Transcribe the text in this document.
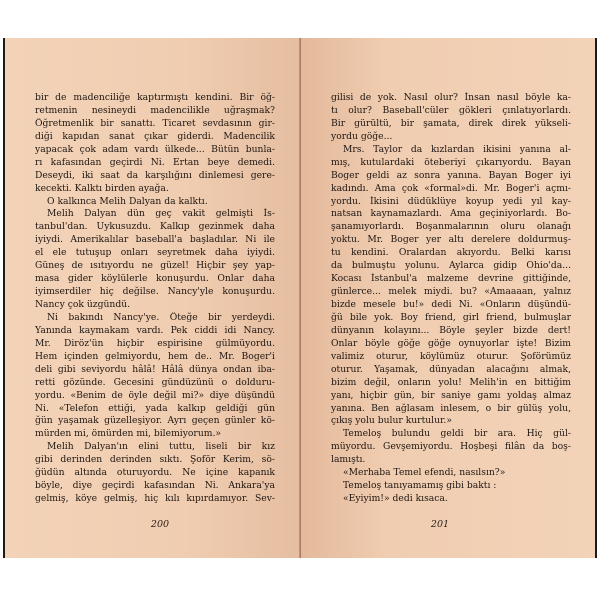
bir de madenciliğe kaptırmıştı kendini. Bir öğ-
retmenin nesineydi madencilikle uğraşmak?
Öğretmenlik bir sanattı. Ticaret sevdasının gir-
diği kapıdan sanat çıkar giderdi. Madencilik
yapacak çok adam vardı ülkede... Bütün bunla-
rı kafasından geçirdi Ni. Ertan beye demedi.
Deseydi, iki saat da karşılığını dinlemesi gere-
kecekti. Kalktı birden ayağa.
O kalkınca Melih Dalyan da kalktı.
Melih Dalyan dün geç vakit gelmişti İs-
tanbul'dan. Uykusuzdu. Kalkıp gezinmek daha
iyiydi. Amerikalılar baseball'a başladılar. Ni ile
el ele tutuşup onları seyretmek daha iyiydi.
Güneş de ısıtıyordu ne güzel! Hiçbir şey yap-
masa gider köylülerle konuşurdu. Onlar daha
iyimserdiler hiç değilse. Nancy'yle konuşurdu.
Nancy çok üzgündü.
Ni bakındı Nancy'ye. Öteğe bir yerdeydi.
Yanında kaymakam vardı. Pek ciddi idi Nancy.
Mr. Diröz'ün hiçbir espirisine gülmüyordu.
Hem içinden gelmiyordu, hem de.. Mr. Boger'i
deli gibi seviyordu hâlâ! Hâlâ dünya ondan iba-
retti gözünde. Gecesini gündüzünü o dolduru-
yordu. «Benim de öyle değil mi?» diye düşündü
Ni. «Telefon ettiği, yada kalkıp geldiği gün
ğün yaşamak güzelleşiyor. Ayrı geçen günler kö-
mürden mi, ömürden mi, bilemiyorum.»
Melih Dalyan'ın elini tuttu, liseli bir kız
gibi derinden derinden sıktı. Şoför Kerim, sö-
ğüdün altında oturuyordu. Ne içine kapanık
böyle, diye geçirdi kafasından Ni. Ankara'ya
gelmiş, köye gelmiş, hiç kılı kıpırdamıyor. Sev-
200
gilisi de yok. Nasıl olur? İnsan nasıl böyle ka-
tı olur? Baseball'cüler gökleri çınlatıyorlardı.
Bir gürültü, bir şamata, direk direk yükseli-
yordu göğe...
Mrs. Taylor da kızlardan ikisini yanına al-
mış, kutulardaki öteberiyi çıkarıyordu. Bayan
Boger geldi az sonra yanına. Bayan Boger iyi
kadındı. Ama çok «formal»di. Mr. Boger'i açmı-
yordu. İkisini düdüklüye koyup yedi yıl kay-
natsan kaynamazlardı. Ama geçiniyorlardı. Bo-
şanamıyorlardı. Boşanmalarının oluru olanağı
yoktu. Mr. Boger yer altı derelere doldurmuş-
tu kendini. Oralardan akıyordu. Belki karısı
da bulmuştu yolunu. Aylarca gidip Ohio'da...
Kocası İstanbul'a malzeme devrine gittiğinde,
günlerce... melek miydi. bu? «Amaaaan, yalnız
bizde mesele bu!» dedi Ni. «Onların düşündü-
ğü bile yok. Boy friend, girl friend, bulmuşlar
dünyanın kolayını... Böyle şeyler bizde dert!
Onlar böyle göğe göğe oynuyorlar işte! Bizim
valimiz oturur, köylümüz oturur. Şoförümüz
oturur. Yaşamak, dünyadan alacağını almak,
bizim değil, onların yolu! Melih'in en bittiğim
yanı, hiçbir gün, bir saniye gamı yoldaş almaz
yanına. Ben ağlasam inlesem, o bir gülüş yolu,
çıkış yolu bulur kurtulur.»
Temeloş bulundu geldi bir ara. Hiç gül-
müyordu. Gevşemiyordu. Hoşbeşi filân da boş-
lamıştı.
«Merhaba Temel efendi, nasılsın?»
Temeloş tanıyamamış gibi baktı :
«Eyiyim!» dedi kısaca.
201
